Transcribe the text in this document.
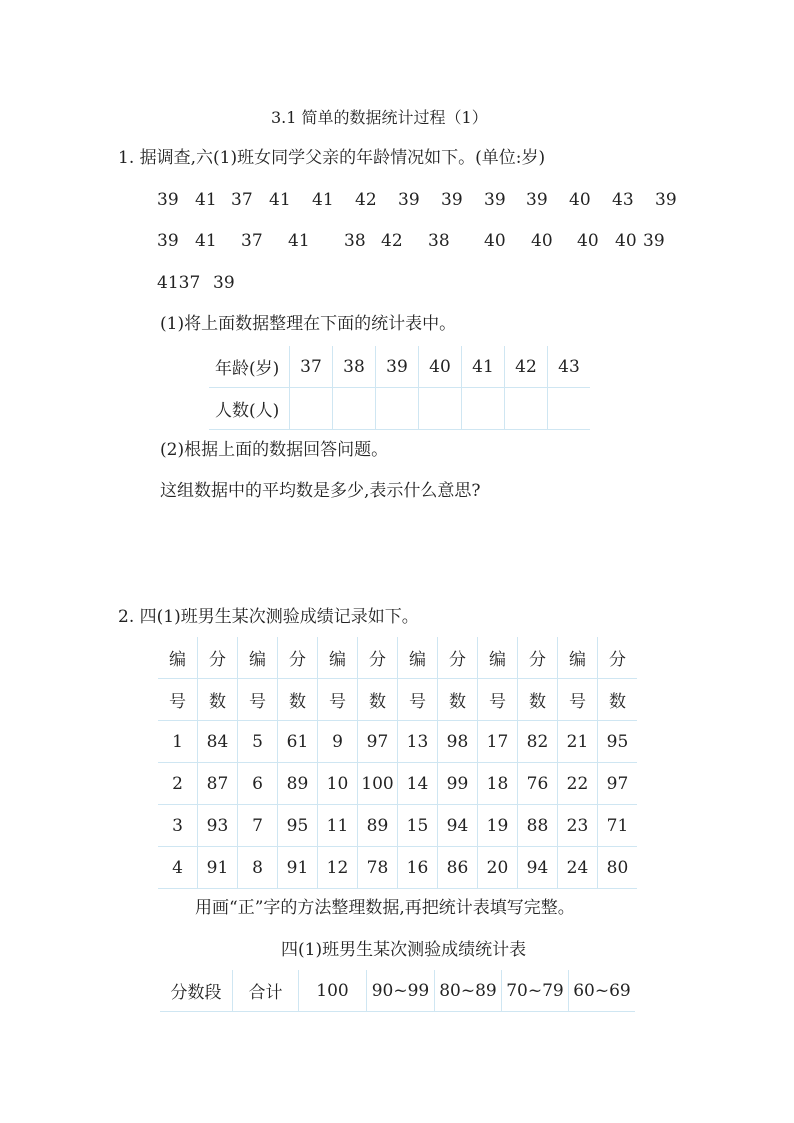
3.1 简单的数据统计过程（1）
1. 据调查,六(1)班女同学父亲的年龄情况如下。(单位:岁)
39 41 37 41 41 42 39 39 39 39 40 43 39
39 41 37 41 38 42 38 40 40 40 40 39
4137 39
(1)将上面数据整理在下面的统计表中。
年龄(岁)	37	38	39	40	41	42	43
人数(人)							
(2)根据上面的数据回答问题。
这组数据中的平均数是多少,表示什么意思?
2. 四(1)班男生某次测验成绩记录如下。
编	分	编	分	编	分	编	分	编	分	编	分
号	数	号	数	号	数	号	数	号	数	号	数
1	84	5	61	9	97	13	98	17	82	21	95
2	87	6	89	10	100	14	99	18	76	22	97
3	93	7	95	11	89	15	94	19	88	23	71
4	91	8	91	12	78	16	86	20	94	24	80
用画“正”字的方法整理数据,再把统计表填写完整。
四(1)班男生某次测验成绩统计表
分数段	合计	100	90~99	80~89	70~79	60~69
